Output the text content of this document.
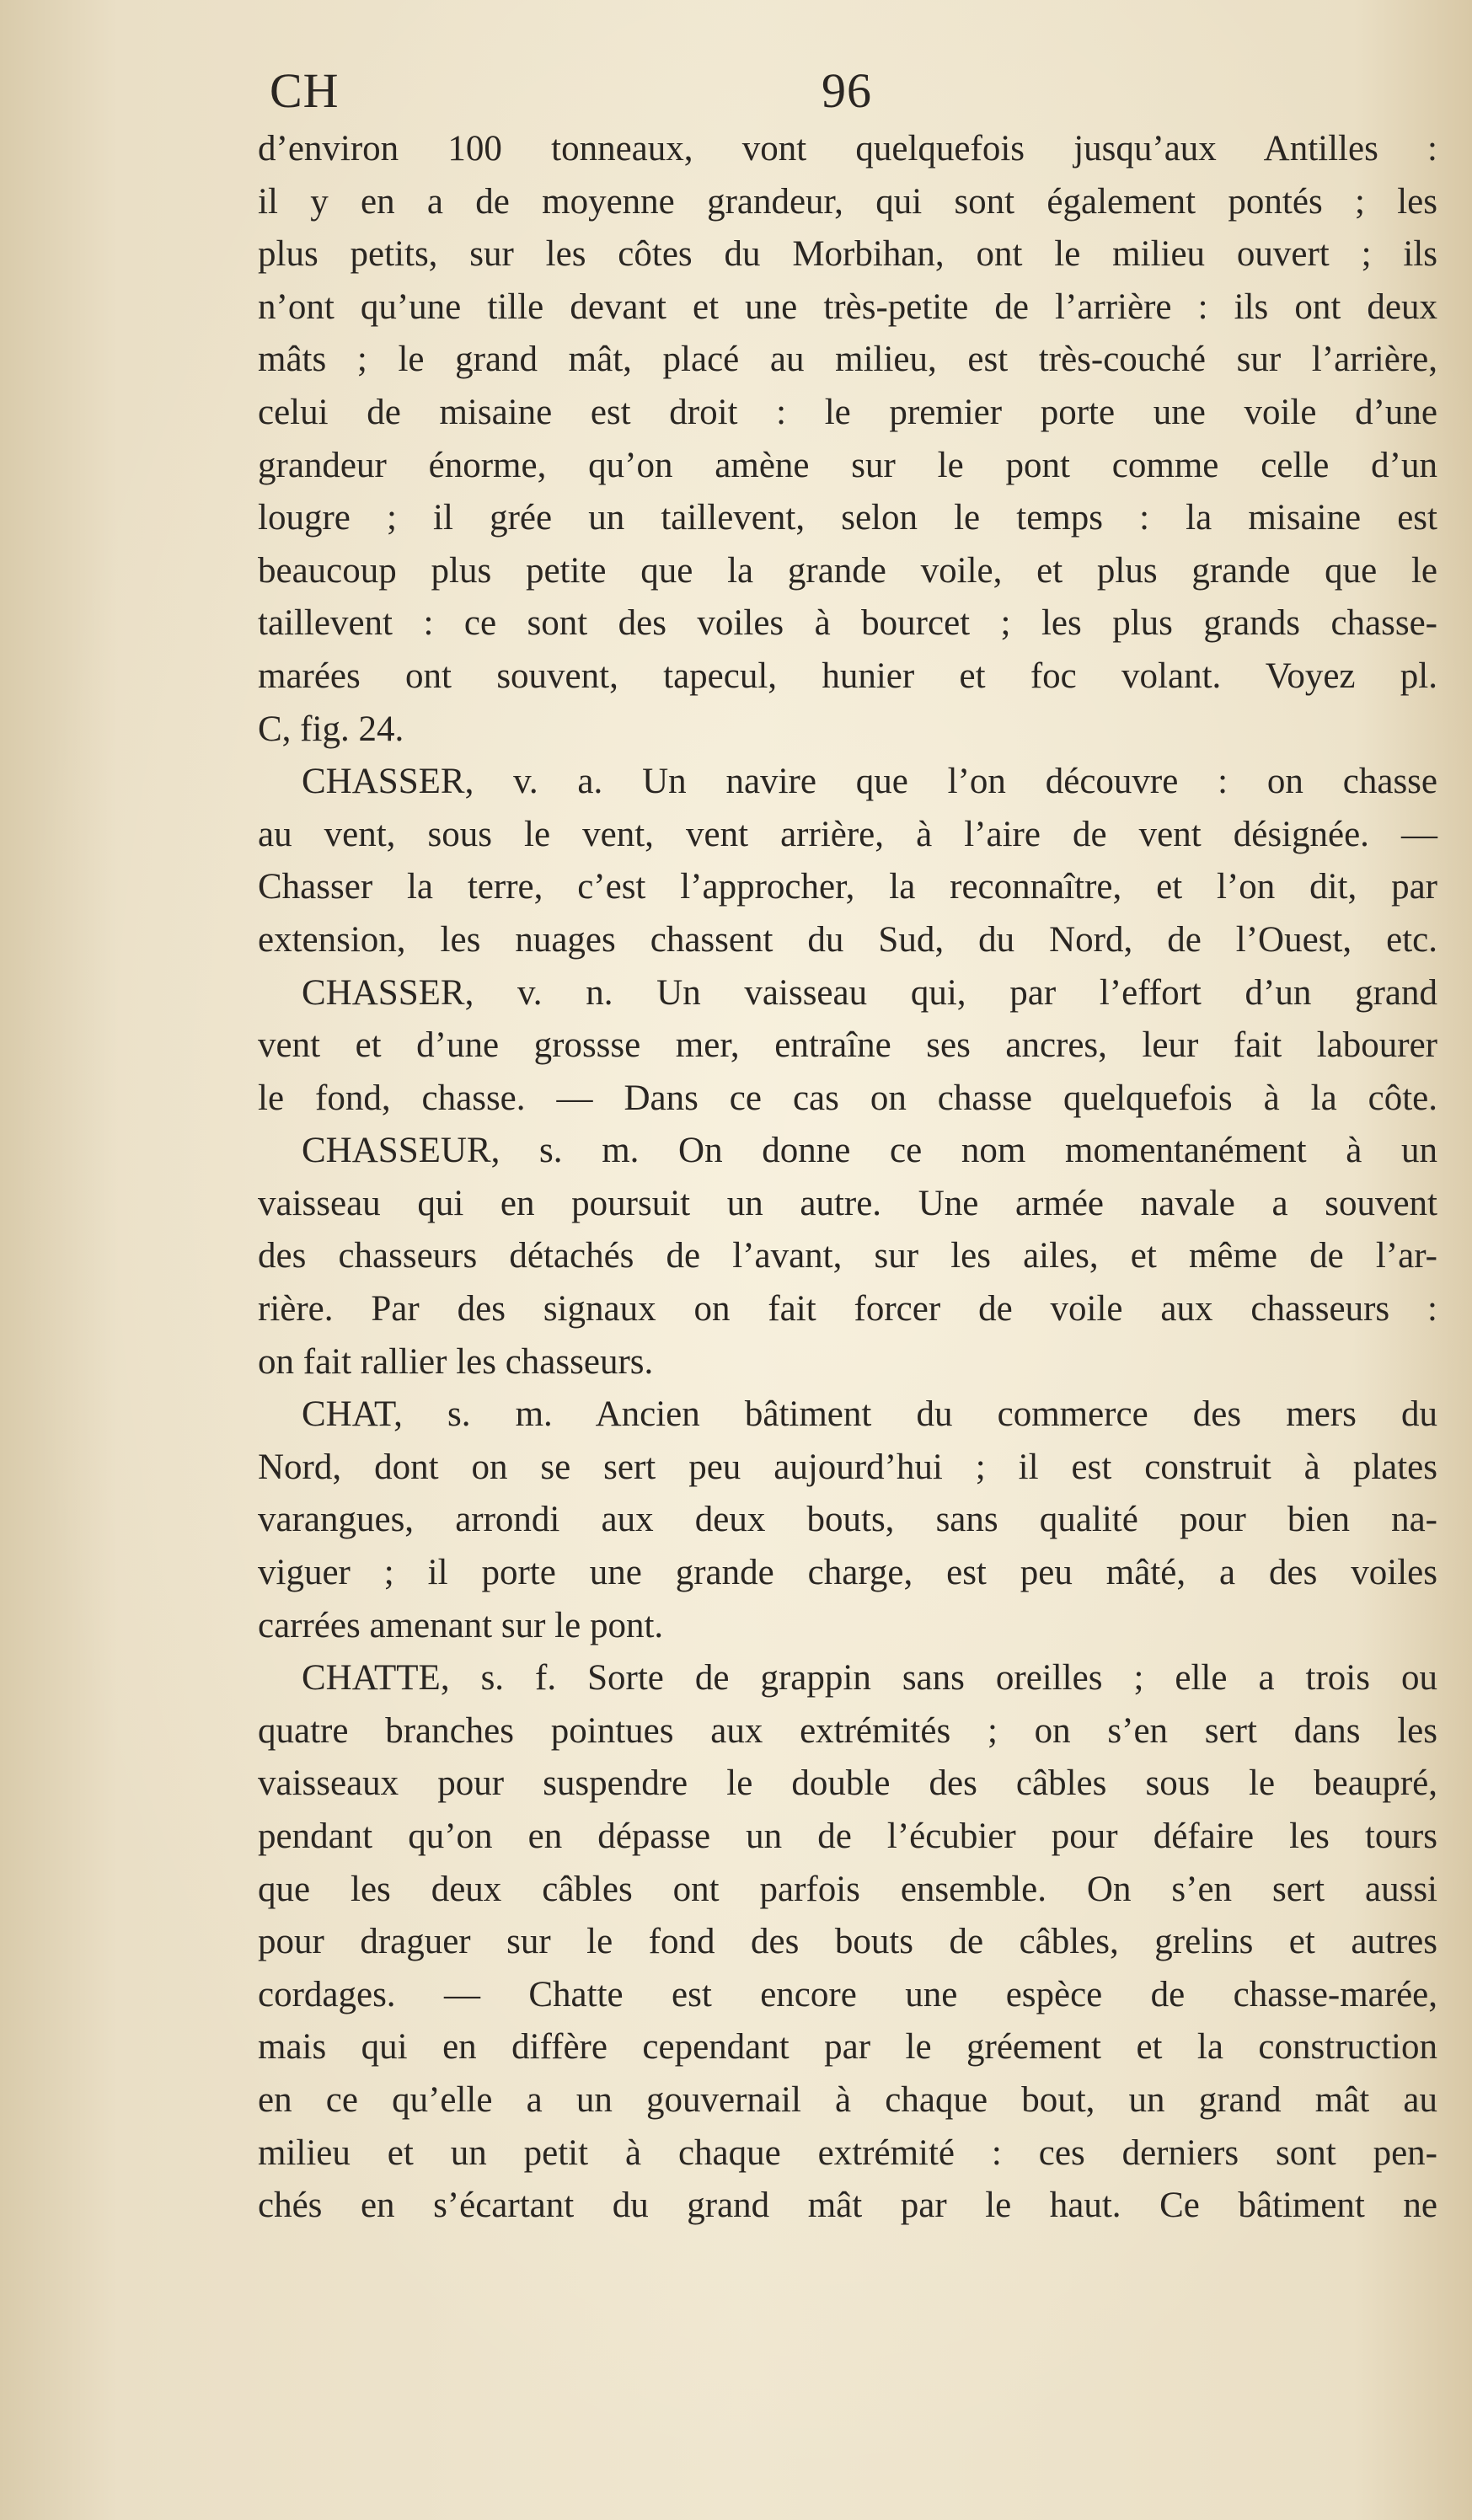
CH	96
d’environ 100 tonneaux, vont quelquefois jusqu’aux Antilles :
il y en a de moyenne grandeur, qui sont également pontés ; les
plus petits, sur les côtes du Morbihan, ont le milieu ouvert ; ils
n’ont qu’une tille devant et une très-petite de l’arrière : ils ont deux
mâts ; le grand mât, placé au milieu, est très-couché sur l’arrière,
celui de misaine est droit : le premier porte une voile d’une
grandeur énorme, qu’on amène sur le pont comme celle d’un
lougre ; il grée un taillevent, selon le temps : la misaine est
beaucoup plus petite que la grande voile, et plus grande que le
taillevent : ce sont des voiles à bourcet ; les plus grands chasse-
marées ont souvent, tapecul, hunier et foc volant. Voyez pl.
C, fig. 24.
CHASSER, v. a. Un navire que l’on découvre : on chasse
au vent, sous le vent, vent arrière, à l’aire de vent désignée. —
Chasser la terre, c’est l’approcher, la reconnaître, et l’on dit, par
extension, les nuages chassent du Sud, du Nord, de l’Ouest, etc.
CHASSER, v. n. Un vaisseau qui, par l’effort d’un grand
vent et d’une grossse mer, entraîne ses ancres, leur fait labourer
le fond, chasse. — Dans ce cas on chasse quelquefois à la côte.
CHASSEUR, s. m. On donne ce nom momentanément à un
vaisseau qui en poursuit un autre. Une armée navale a souvent
des chasseurs détachés de l’avant, sur les ailes, et même de l’ar-
rière. Par des signaux on fait forcer de voile aux chasseurs :
on fait rallier les chasseurs.
CHAT, s. m. Ancien bâtiment du commerce des mers du
Nord, dont on se sert peu aujourd’hui ; il est construit à plates
varangues, arrondi aux deux bouts, sans qualité pour bien na-
viguer ; il porte une grande charge, est peu mâté, a des voiles
carrées amenant sur le pont.
CHATTE, s. f. Sorte de grappin sans oreilles ; elle a trois ou
quatre branches pointues aux extrémités ; on s’en sert dans les
vaisseaux pour suspendre le double des câbles sous le beaupré,
pendant qu’on en dépasse un de l’écubier pour défaire les tours
que les deux câbles ont parfois ensemble. On s’en sert aussi
pour draguer sur le fond des bouts de câbles, grelins et autres
cordages. — Chatte est encore une espèce de chasse-marée,
mais qui en diffère cependant par le gréement et la construction
en ce qu’elle a un gouvernail à chaque bout, un grand mât au
milieu et un petit à chaque extrémité : ces derniers sont pen-
chés en s’écartant du grand mât par le haut. Ce bâtiment ne
